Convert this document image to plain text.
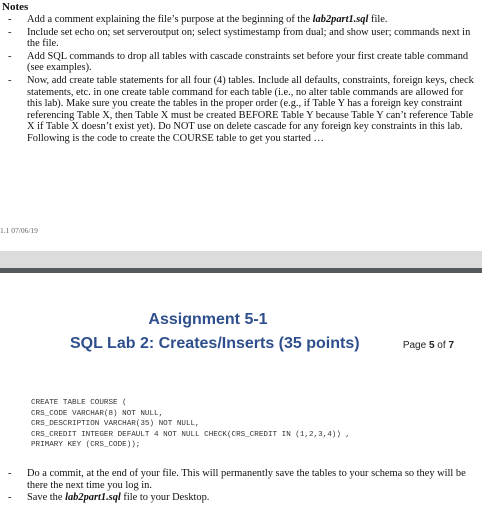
Notes
- Add a comment explaining the file’s purpose at the beginning of the lab2part1.sql file.
- Include set echo on; set serveroutput on; select systimestamp from dual; and show user; commands next in the file.
- Add SQL commands to drop all tables with cascade constraints set before your first create table command (see examples).
- Now, add create table statements for all four (4) tables. Include all defaults, constraints, foreign keys, check statements, etc. in one create table command for each table (i.e., no alter table commands are allowed for this lab). Make sure you create the tables in the proper order (e.g., if Table Y has a foreign key constraint referencing Table X, then Table X must be created BEFORE Table Y because Table Y can’t reference Table X if Table X doesn’t exist yet). Do NOT use on delete cascade for any foreign key constraints in this lab. Following is the code to create the COURSE table to get you started …
1.1 07/06/19
Assignment 5-1
SQL Lab 2: Creates/Inserts (35 points)	Page 5 of 7
CREATE TABLE COURSE (
CRS_CODE VARCHAR(8) NOT NULL,
CRS_DESCRIPTION VARCHAR(35) NOT NULL,
CRS_CREDIT INTEGER DEFAULT 4 NOT NULL CHECK(CRS_CREDIT IN (1,2,3,4)) ,
PRIMARY KEY (CRS_CODE));
- Do a commit, at the end of your file. This will permanently save the tables to your schema so they will be there the next time you log in.
- Save the lab2part1.sql file to your Desktop.
